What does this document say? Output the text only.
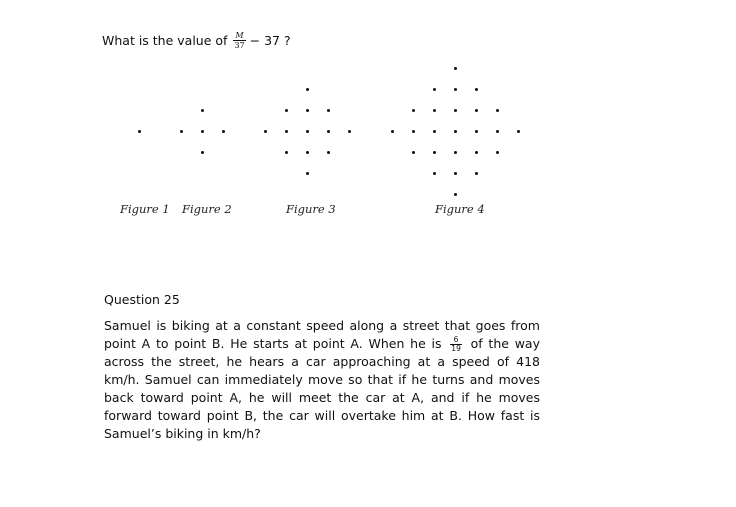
What is the value of $\frac{M}{37} - 37$ ?
Figure 1 Figure 2	Figure 3	Figure 4
Question 25
Samuel is biking at a constant speed along a street that goes from point A to point B. He starts at point A. When he is $\frac{6}{19}$ of the way across the street, he hears a car approaching at a speed of 418 km/h. Samuel can immediately move so that if he turns and moves back toward point A, he will meet the car at A, and if he moves forward toward point B, the car will overtake him at B. How fast is Samuel’s biking in km/h?
